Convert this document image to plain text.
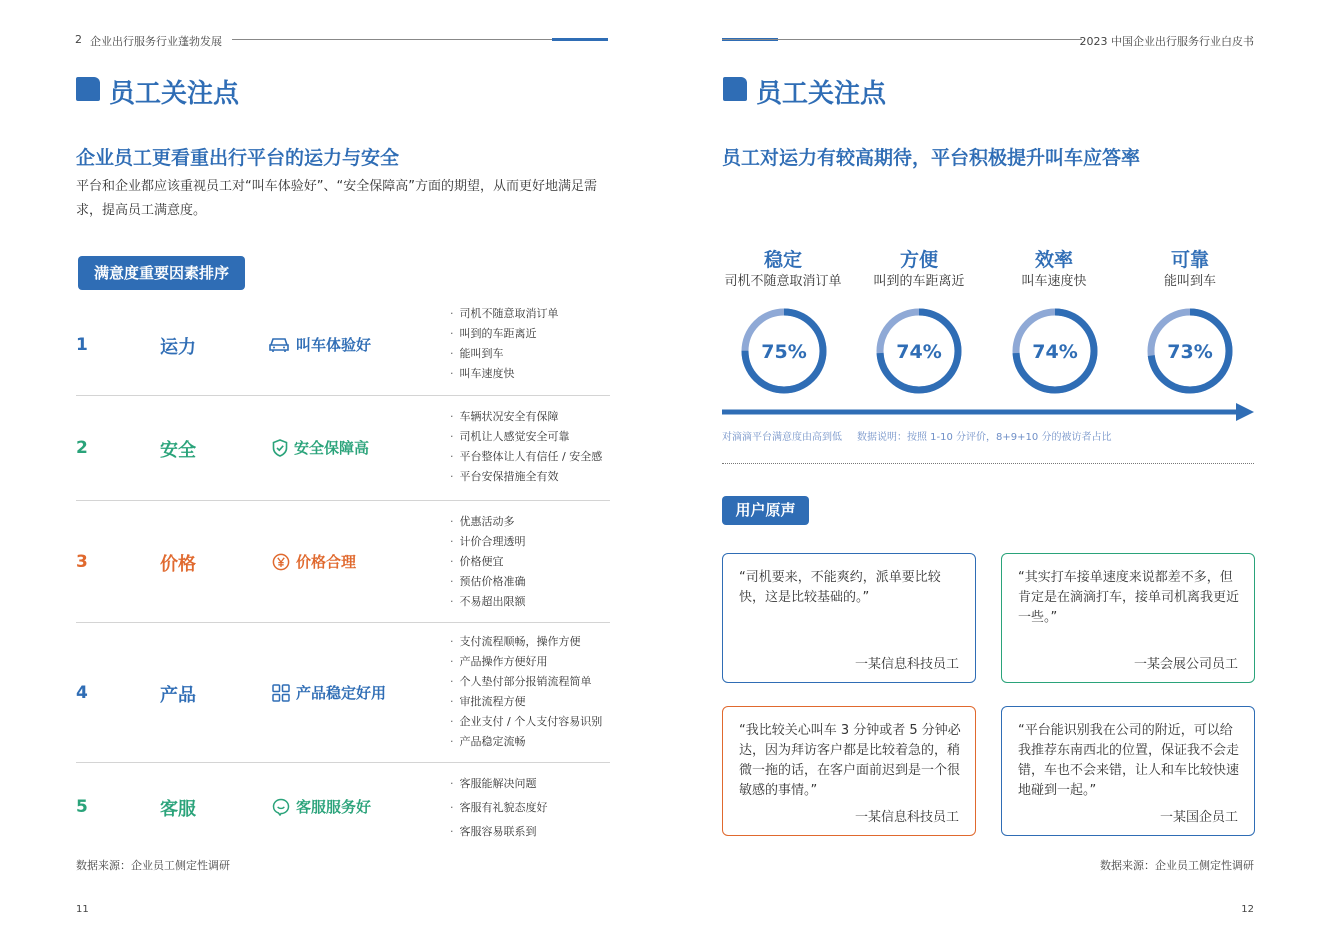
2 企业出行服务行业蓬勃发展
员工关注点
企业员工更看重出行平台的运力与安全
平台和企业都应该重视员工对“叫车体验好”、“安全保障高”方面的期望，从而更好地满足需求，提高员工满意度。
满意度重要因素排序
1	运力	叫车体验好
· 司机不随意取消订单
· 叫到的车距离近
· 能叫到车
· 叫车速度快
2	安全	安全保障高
· 车辆状况安全有保障
· 司机让人感觉安全可靠
· 平台整体让人有信任 / 安全感
· 平台安保措施全有效
3	价格	价格合理
· 优惠活动多
· 计价合理透明
· 价格便宜
· 预估价格准确
· 不易超出限额
4	产品	产品稳定好用
· 支付流程顺畅，操作方便
· 产品操作方便好用
· 个人垫付部分报销流程简单
· 审批流程方便
· 企业支付 / 个人支付容易识别
· 产品稳定流畅
5	客服	客服服务好
· 客服能解决问题
· 客服有礼貌态度好
· 客服容易联系到
数据来源：企业员工侧定性调研
11
2023 中国企业出行服务行业白皮书
员工关注点
员工对运力有较高期待，平台积极提升叫车应答率
稳定
司机不随意取消订单
方便
叫到的车距离近
效率
叫车速度快
可靠
能叫到车
75%	74%	74%	73%
对滴滴平台满意度由高到低 数据说明：按照 1-10 分评价，8+9+10 分的被访者占比
用户原声
“司机要来，不能爽约，派单要比较快，这是比较基础的。”
一某信息科技员工
“其实打车接单速度来说都差不多，但肯定是在滴滴打车，接单司机离我更近一些。”
一某会展公司员工
“我比较关心叫车 3 分钟或者 5 分钟必达，因为拜访客户都是比较着急的，稍微一拖的话，在客户面前迟到是一个很敏感的事情。”
一某信息科技员工
“平台能识别我在公司的附近，可以给我推荐东南西北的位置，保证我不会走错，车也不会来错，让人和车比较快速地碰到一起。”
一某国企员工
数据来源：企业员工侧定性调研
12
